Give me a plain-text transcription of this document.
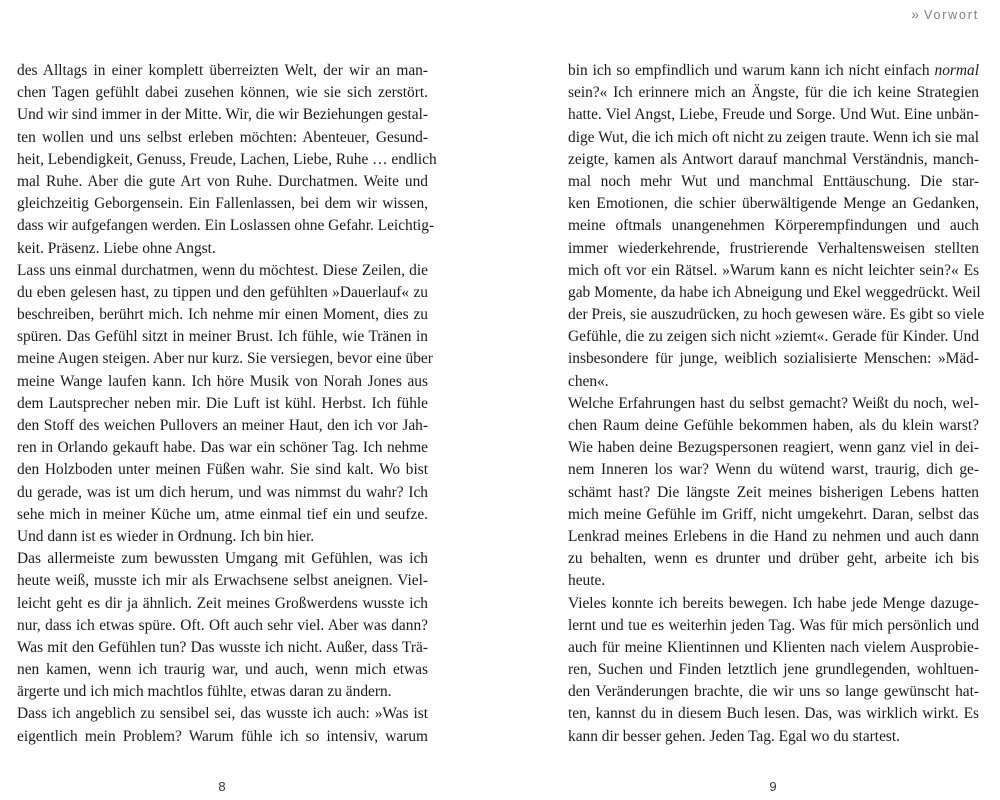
» Vorwort
des Alltags in einer komplett überreizten Welt, der wir an man-
chen Tagen gefühlt dabei zusehen können, wie sie sich zerstört.
Und wir sind immer in der Mitte. Wir, die wir Beziehungen gestal-
ten wollen und uns selbst erleben möchten: Abenteuer, Gesund-
heit, Lebendigkeit, Genuss, Freude, Lachen, Liebe, Ruhe … endlich
mal Ruhe. Aber die gute Art von Ruhe. Durchatmen. Weite und
gleichzeitig Geborgensein. Ein Fallenlassen, bei dem wir wissen,
dass wir aufgefangen werden. Ein Loslassen ohne Gefahr. Leichtig-
keit. Präsenz. Liebe ohne Angst.
Lass uns einmal durchatmen, wenn du möchtest. Diese Zeilen, die
du eben gelesen hast, zu tippen und den gefühlten »Dauerlauf« zu
beschreiben, berührt mich. Ich nehme mir einen Moment, dies zu
spüren. Das Gefühl sitzt in meiner Brust. Ich fühle, wie Tränen in
meine Augen steigen. Aber nur kurz. Sie versiegen, bevor eine über
meine Wange laufen kann. Ich höre Musik von Norah Jones aus
dem Lautsprecher neben mir. Die Luft ist kühl. Herbst. Ich fühle
den Stoff des weichen Pullovers an meiner Haut, den ich vor Jah-
ren in Orlando gekauft habe. Das war ein schöner Tag. Ich nehme
den Holzboden unter meinen Füßen wahr. Sie sind kalt. Wo bist
du gerade, was ist um dich herum, und was nimmst du wahr? Ich
sehe mich in meiner Küche um, atme einmal tief ein und seufze.
Und dann ist es wieder in Ordnung. Ich bin hier.
Das allermeiste zum bewussten Umgang mit Gefühlen, was ich
heute weiß, musste ich mir als Erwachsene selbst aneignen. Viel-
leicht geht es dir ja ähnlich. Zeit meines Großwerdens wusste ich
nur, dass ich etwas spüre. Oft. Oft auch sehr viel. Aber was dann?
Was mit den Gefühlen tun? Das wusste ich nicht. Außer, dass Trä-
nen kamen, wenn ich traurig war, und auch, wenn mich etwas
ärgerte und ich mich machtlos fühlte, etwas daran zu ändern.
Dass ich angeblich zu sensibel sei, das wusste ich auch: »Was ist
eigentlich mein Problem? Warum fühle ich so intensiv, warum
bin ich so empfindlich und warum kann ich nicht einfach normal
sein?« Ich erinnere mich an Ängste, für die ich keine Strategien
hatte. Viel Angst, Liebe, Freude und Sorge. Und Wut. Eine unbän-
dige Wut, die ich mich oft nicht zu zeigen traute. Wenn ich sie mal
zeigte, kamen als Antwort darauf manchmal Verständnis, manch-
mal noch mehr Wut und manchmal Enttäuschung. Die star-
ken Emotionen, die schier überwältigende Menge an Gedanken,
meine oftmals unangenehmen Körperempfindungen und auch
immer wiederkehrende, frustrierende Verhaltensweisen stellten
mich oft vor ein Rätsel. »Warum kann es nicht leichter sein?« Es
gab Momente, da habe ich Abneigung und Ekel weggedrückt. Weil
der Preis, sie auszudrücken, zu hoch gewesen wäre. Es gibt so viele
Gefühle, die zu zeigen sich nicht »ziemt«. Gerade für Kinder. Und
insbesondere für junge, weiblich sozialisierte Menschen: »Mäd-
chen«.
Welche Erfahrungen hast du selbst gemacht? Weißt du noch, wel-
chen Raum deine Gefühle bekommen haben, als du klein warst?
Wie haben deine Bezugspersonen reagiert, wenn ganz viel in dei-
nem Inneren los war? Wenn du wütend warst, traurig, dich ge-
schämt hast? Die längste Zeit meines bisherigen Lebens hatten
mich meine Gefühle im Griff, nicht umgekehrt. Daran, selbst das
Lenkrad meines Erlebens in die Hand zu nehmen und auch dann
zu behalten, wenn es drunter und drüber geht, arbeite ich bis
heute.
Vieles konnte ich bereits bewegen. Ich habe jede Menge dazuge-
lernt und tue es weiterhin jeden Tag. Was für mich persönlich und
auch für meine Klientinnen und Klienten nach vielem Ausprobie-
ren, Suchen und Finden letztlich jene grundlegenden, wohltuen-
den Veränderungen brachte, die wir uns so lange gewünscht hat-
ten, kannst du in diesem Buch lesen. Das, was wirklich wirkt. Es
kann dir besser gehen. Jeden Tag. Egal wo du startest.
8	9
